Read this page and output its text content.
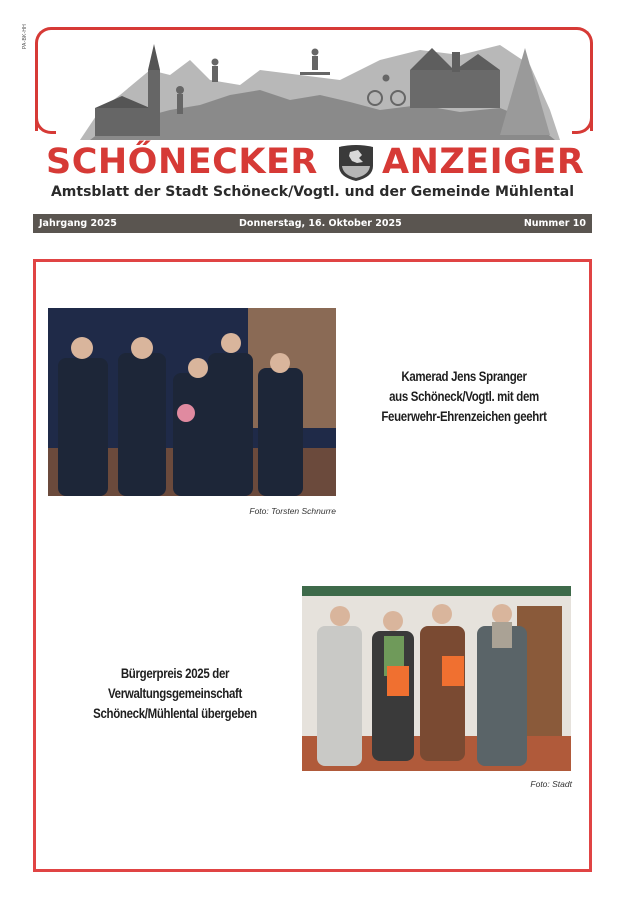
PA-BK-HH
SCHŐNECKER ANZEIGER
Amtsblatt der Stadt Schöneck/Vogtl. und der Gemeinde Mühlental
Jahrgang 2025	Donnerstag, 16. Oktober 2025	Nummer 10
Foto: Torsten Schnurre
Kamerad Jens Spranger
aus Schöneck/Vogtl. mit dem
Feuerwehr-Ehrenzeichen geehrt
Bürgerpreis 2025 der
Verwaltungsgemeinschaft
Schöneck/Mühlental übergeben
Foto: Stadt
